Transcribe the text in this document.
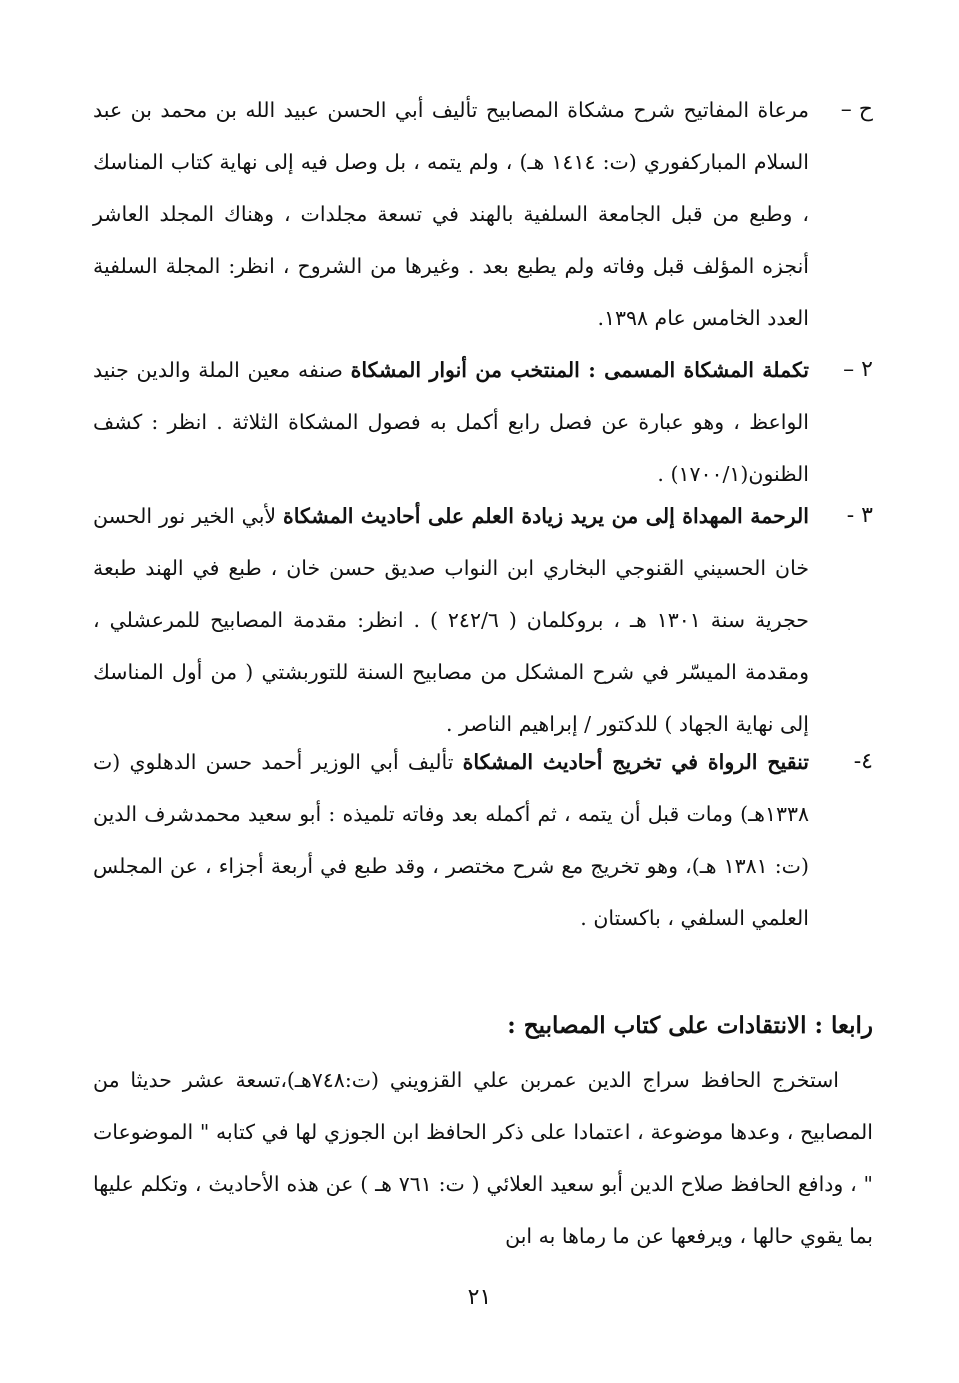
ح –
مرعاة المفاتيح شرح مشكاة المصابيح تأليف أبي الحسن عبيد الله بن محمد بن عبد السلام المباركفوري (ت: ١٤١٤ هـ) ، ولم يتمه ، بل وصل فيه إلى نهاية كتاب المناسك ، وطبع من قبل الجامعة السلفية بالهند في تسعة مجلدات ، وهناك المجلد العاشر أنجزه المؤلف قبل وفاته ولم يطبع بعد . وغيرها من الشروح ، انظر: المجلة السلفية العدد الخامس عام ١٣٩٨.
٢ –
تكملة المشكاة المسمى : المنتخب من أنوار المشكاة صنفه معين الملة والدين جنيد الواعظ ، وهو عبارة عن فصل رابع أكمل به فصول المشكاة الثلاثة . انظر : كشف الظنون(١٧٠٠/١) .
٣ -
الرحمة المهداة إلى من يريد زيادة العلم على أحاديث المشكاة لأبي الخير نور الحسن خان الحسيني القنوجي البخاري ابن النواب صديق حسن خان ، طبع في الهند طبعة حجرية سنة ١٣٠١ هـ ، بروكلمان ( ٢٤٢/٦ ) . انظر: مقدمة المصابيح للمرعشلي ، ومقدمة الميسّر في شرح المشكل من مصابيح السنة للتوربشتي ( من أول المناسك إلى نهاية الجهاد ) للدكتور / إبراهيم الناصر .
٤-
تنقيح الرواة في تخريج أحاديث المشكاة تأليف أبي الوزير أحمد حسن الدهلوي (ت ١٣٣٨هـ) ومات قبل أن يتمه ، ثم أكمله بعد وفاته تلميذه : أبو سعيد محمدشرف الدين (ت: ١٣٨١ هـ)، وهو تخريج مع شرح مختصر ، وقد طبع في أربعة أجزاء ، عن المجلس العلمي السلفي ، باكستان .
رابعا : الانتقادات على كتاب المصابيح :
استخرج الحافظ سراج الدين عمربن علي القزويني (ت:٧٤٨هـ)،تسعة عشر حديثا من المصابيح ، وعدها موضوعة ، اعتمادا على ذكر الحافظ ابن الجوزي لها في كتابه " الموضوعات " ، ودافع الحافظ صلاح الدين أبو سعيد العلائي ( ت: ٧٦١ هـ ) عن هذه الأحاديث ، وتكلم عليها بما يقوي حالها ، ويرفعها عن ما رماها به ابن
٢١
